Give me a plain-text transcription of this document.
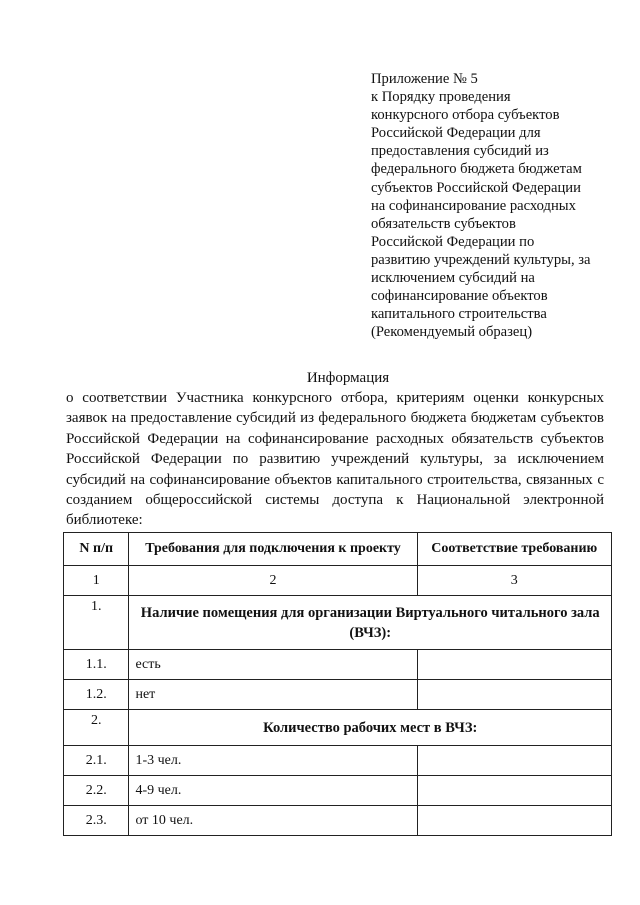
Приложение № 5
к Порядку проведения
конкурсного отбора субъектов
Российской Федерации для
предоставления субсидий из
федерального бюджета бюджетам
субъектов Российской Федерации
на софинансирование расходных
обязательств субъектов
Российской Федерации по
развитию учреждений культуры, за
исключением субсидий на
софинансирование объектов
капитального строительства
(Рекомендуемый образец)
Информация
о соответствии Участника конкурсного отбора, критериям оценки конкурсных заявок на предоставление субсидий из федерального бюджета бюджетам субъектов Российской Федерации на софинансирование расходных обязательств субъектов Российской Федерации по развитию учреждений культуры, за исключением субсидий на софинансирование объектов капитального строительства, связанных с созданием общероссийской системы доступа к Национальной электронной библиотеке:
N п/п	Требования для подключения к проекту	Соответствие требованию
1	2	3
1.	Наличие помещения для организации Виртуального читального зала (ВЧЗ):	
1.1.	есть	
1.2.	нет	
2.	Количество рабочих мест в ВЧЗ:	
2.1.	1-3 чел.	
2.2.	4-9 чел.	
2.3.	от 10 чел.	
